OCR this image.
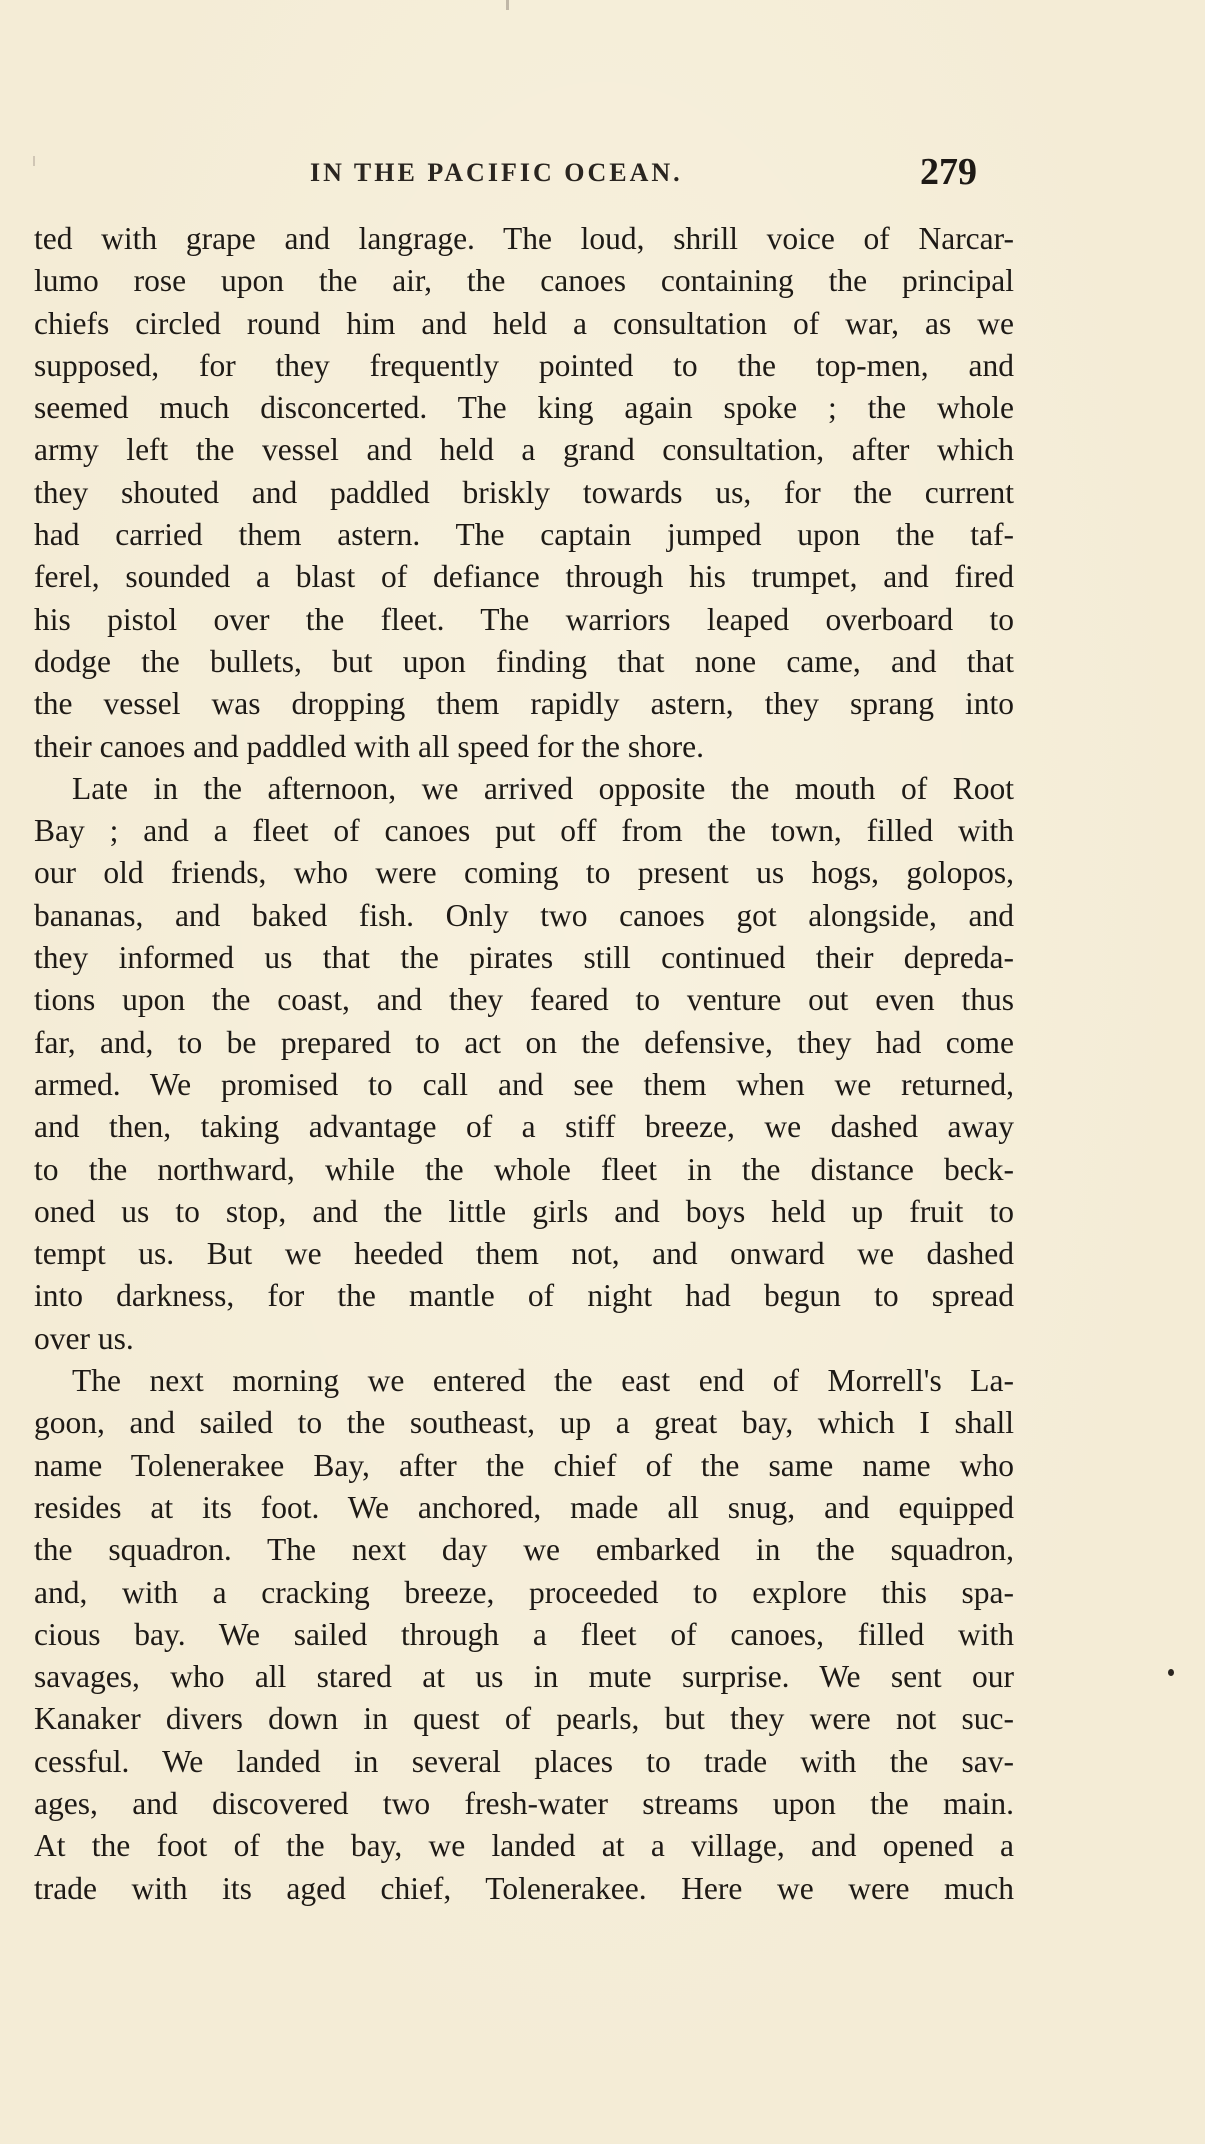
IN THE PACIFIC OCEAN.	279
ted with grape and langrage. The loud, shrill voice of Narcar-
lumo rose upon the air, the canoes containing the principal
chiefs circled round him and held a consultation of war, as we
supposed, for they frequently pointed to the top-men, and
seemed much disconcerted. The king again spoke ; the whole
army left the vessel and held a grand consultation, after which
they shouted and paddled briskly towards us, for the current
had carried them astern. The captain jumped upon the taf-
ferel, sounded a blast of defiance through his trumpet, and fired
his pistol over the fleet. The warriors leaped overboard to
dodge the bullets, but upon finding that none came, and that
the vessel was dropping them rapidly astern, they sprang into
their canoes and paddled with all speed for the shore.
Late in the afternoon, we arrived opposite the mouth of Root
Bay ; and a fleet of canoes put off from the town, filled with
our old friends, who were coming to present us hogs, golopos,
bananas, and baked fish. Only two canoes got alongside, and
they informed us that the pirates still continued their depreda-
tions upon the coast, and they feared to venture out even thus
far, and, to be prepared to act on the defensive, they had come
armed. We promised to call and see them when we returned,
and then, taking advantage of a stiff breeze, we dashed away
to the northward, while the whole fleet in the distance beck-
oned us to stop, and the little girls and boys held up fruit to
tempt us. But we heeded them not, and onward we dashed
into darkness, for the mantle of night had begun to spread
over us.
The next morning we entered the east end of Morrell's La-
goon, and sailed to the southeast, up a great bay, which I shall
name Tolenerakee Bay, after the chief of the same name who
resides at its foot. We anchored, made all snug, and equipped
the squadron. The next day we embarked in the squadron,
and, with a cracking breeze, proceeded to explore this spa-
cious bay. We sailed through a fleet of canoes, filled with
savages, who all stared at us in mute surprise. We sent our
Kanaker divers down in quest of pearls, but they were not suc-
cessful. We landed in several places to trade with the sav-
ages, and discovered two fresh-water streams upon the main.
At the foot of the bay, we landed at a village, and opened a
trade with its aged chief, Tolenerakee. Here we were much
